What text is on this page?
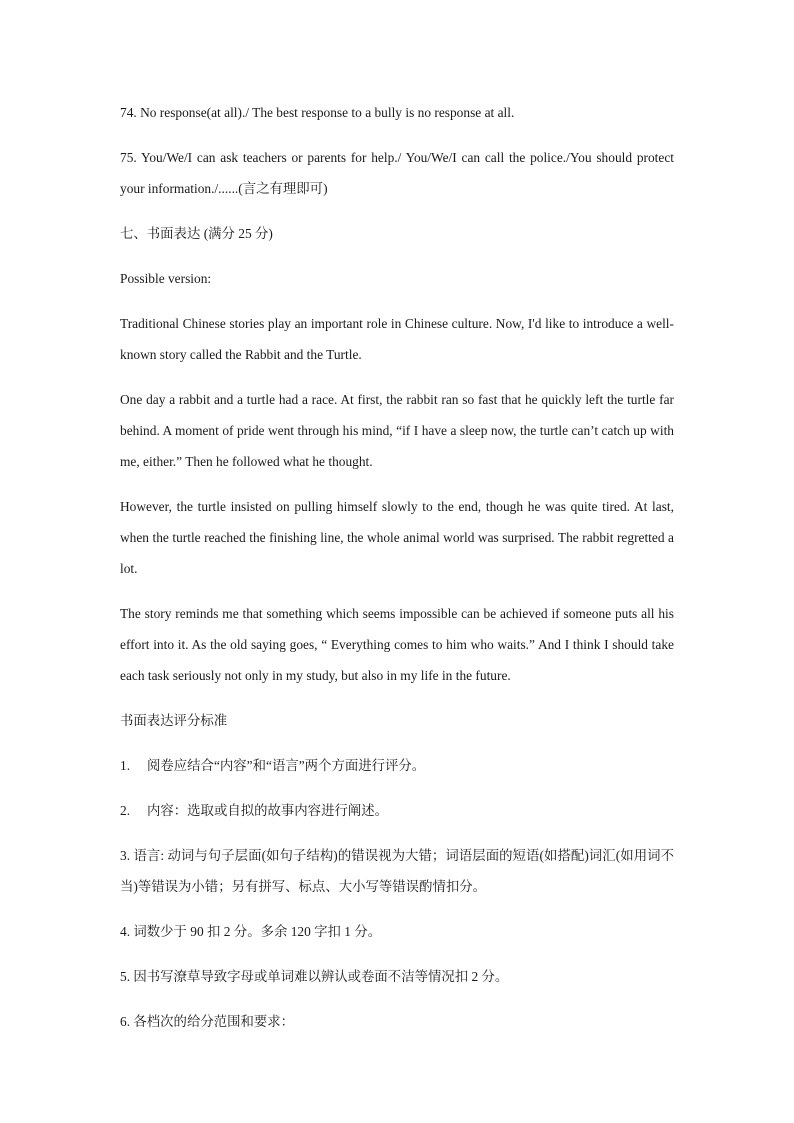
74. No response(at all)./ The best response to a bully is no response at all.

75. You/We/I can ask teachers or parents for help./ You/We/I can call the police./You should protect your information./......(言之有理即可)

七、书面表达 (满分 25 分)

Possible version:

Traditional Chinese stories play an important role in Chinese culture. Now, I'd like to introduce a well-known story called the Rabbit and the Turtle.

One day a rabbit and a turtle had a race. At first, the rabbit ran so fast that he quickly left the turtle far behind. A moment of pride went through his mind, “if I have a sleep now, the turtle can’t catch up with me, either.” Then he followed what he thought.

However, the turtle insisted on pulling himself slowly to the end, though he was quite tired. At last, when the turtle reached the finishing line, the whole animal world was surprised. The rabbit regretted a lot.

The story reminds me that something which seems impossible can be achieved if someone puts all his effort into it. As the old saying goes, “ Everything comes to him who waits.” And I think I should take each task seriously not only in my study, but also in my life in the future.

书面表达评分标准

1. 阅卷应结合“内容”和“语言”两个方面进行评分。

2. 内容：选取或自拟的故事内容进行阐述。

3. 语言: 动词与句子层面(如句子结构)的错误视为大错；词语层面的短语(如搭配)词汇(如用词不当)等错误为小错；另有拼写、标点、大小写等错误酌情扣分。

4. 词数少于 90 扣 2 分。多余 120 字扣 1 分。

5. 因书写潦草导致字母或单词难以辨认或卷面不洁等情况扣 2 分。

6. 各档次的给分范围和要求：
